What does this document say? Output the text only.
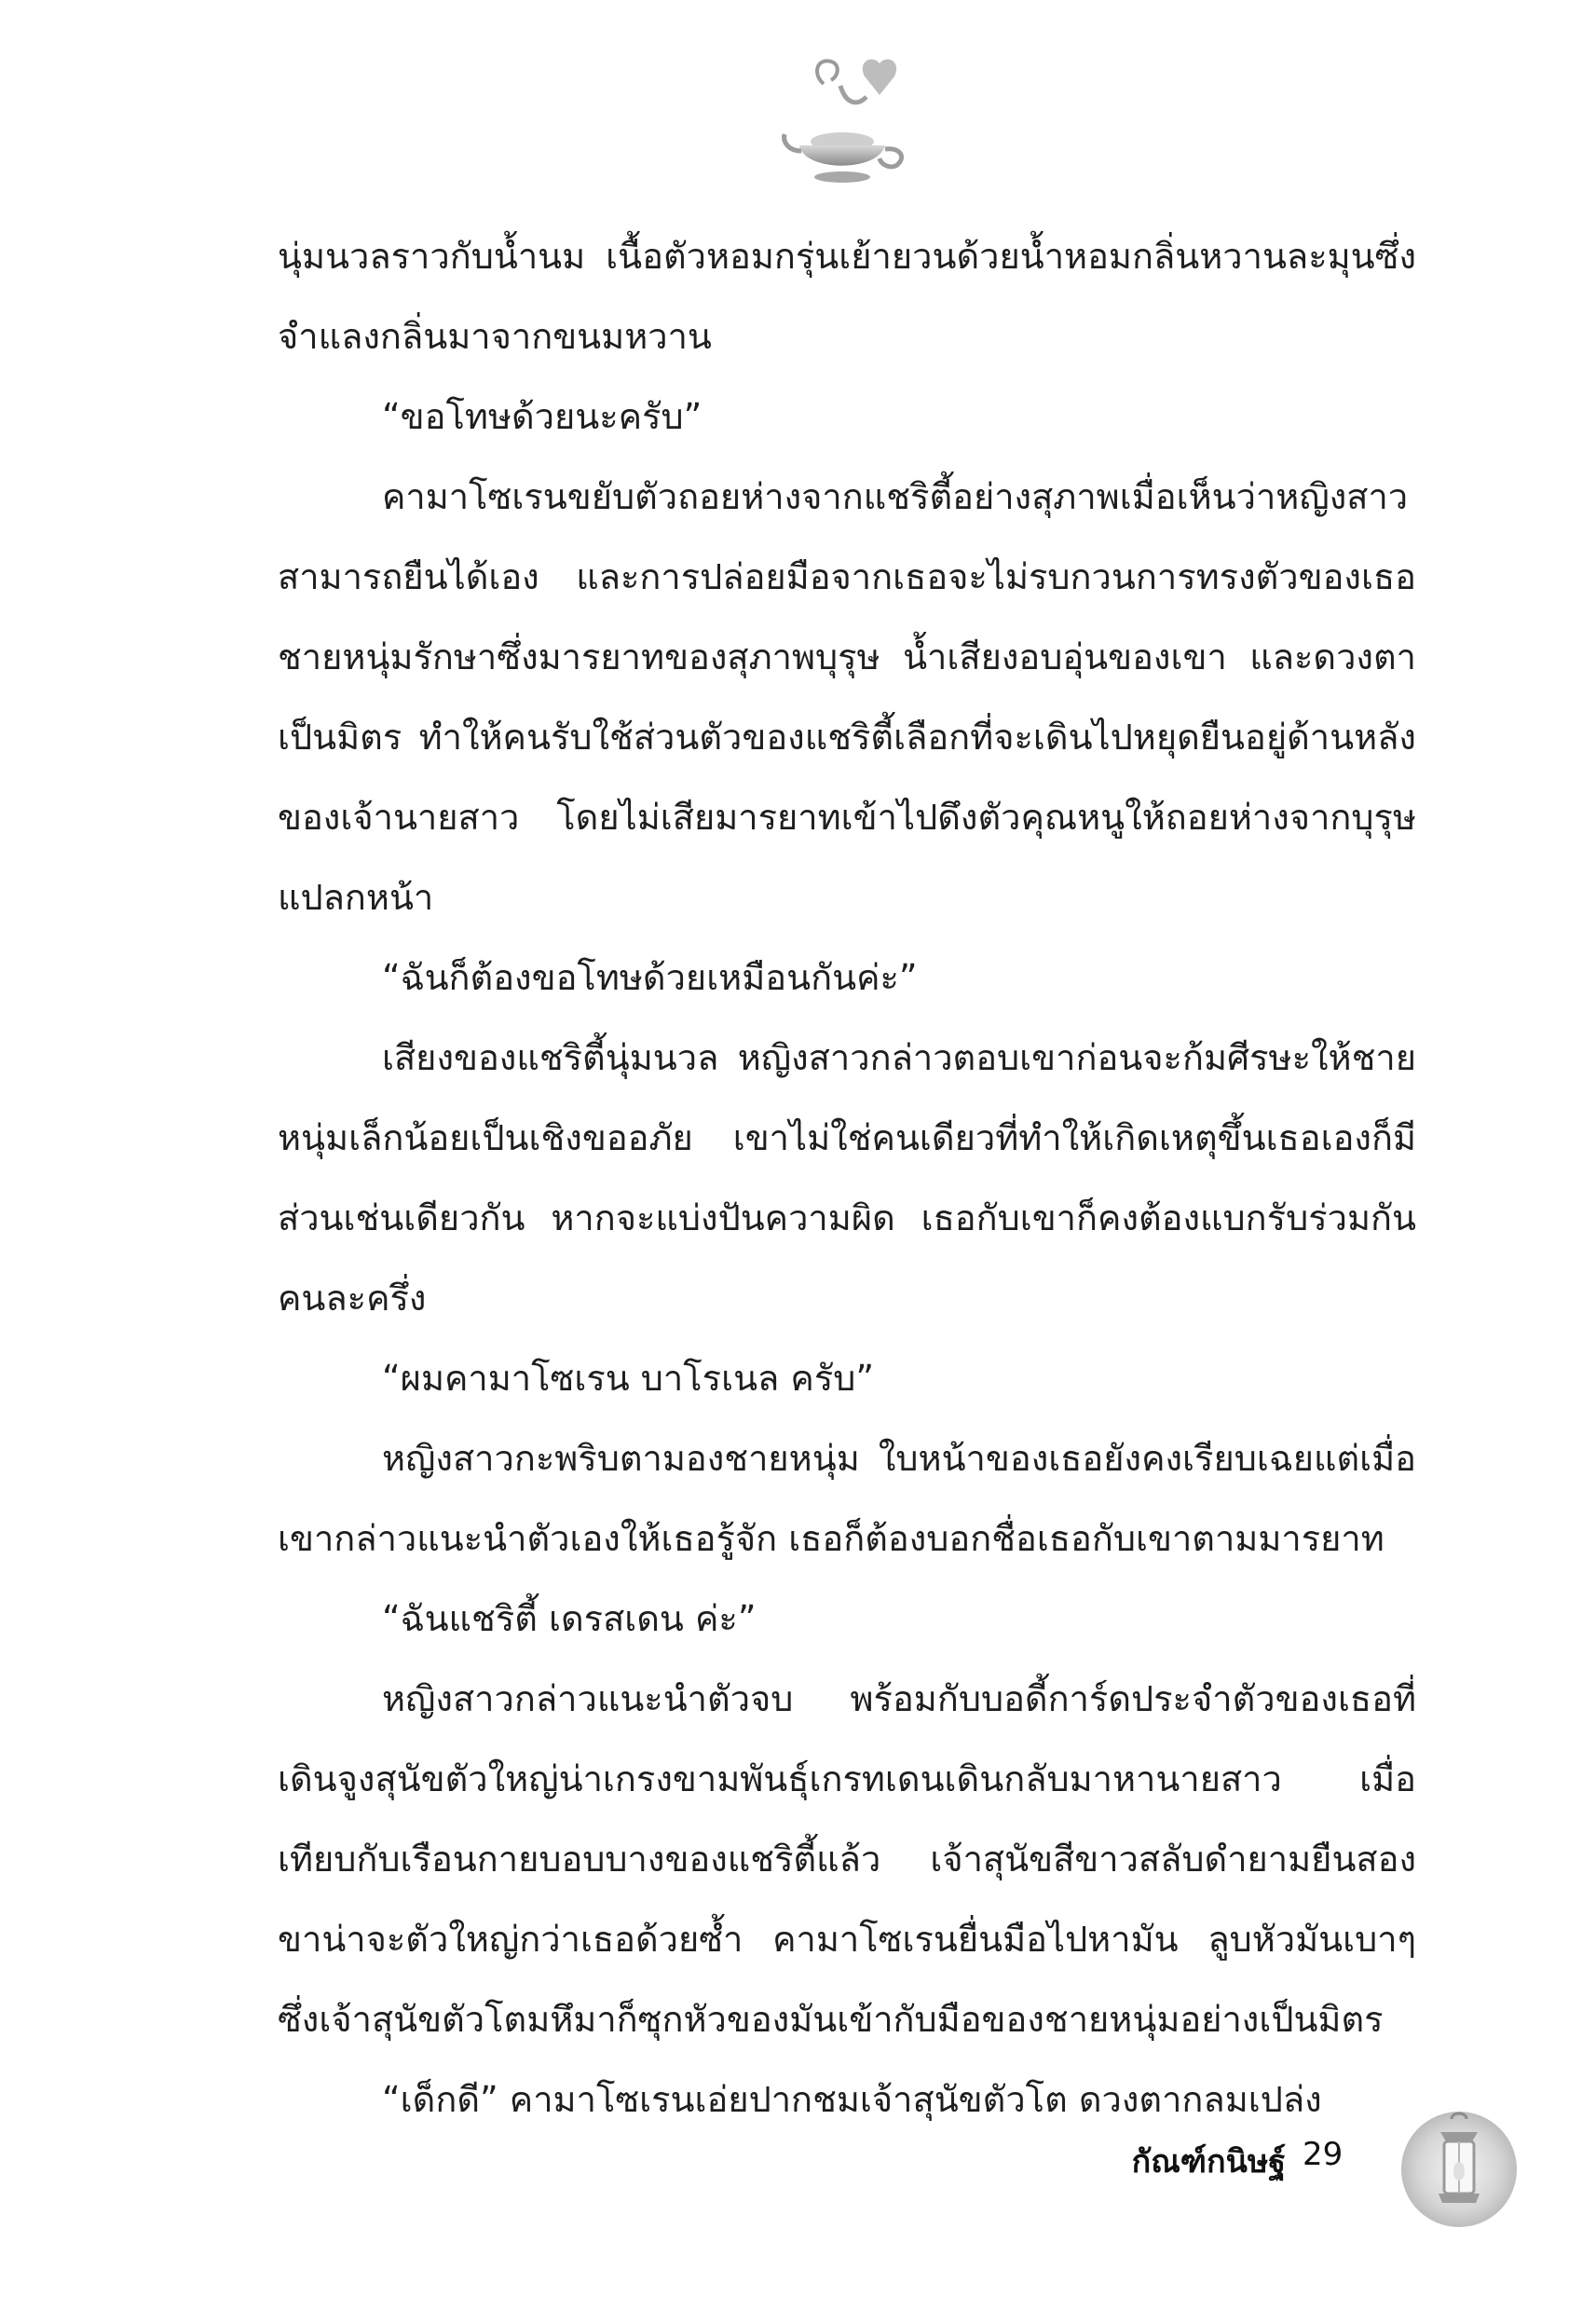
นุ่มนวลราวกับน้ำนม เนื้อตัวหอมกรุ่นเย้ายวนด้วยน้ำหอมกลิ่นหวานละมุนซึ่งจำแลงกลิ่นมาจากขนมหวาน

“ขอโทษด้วยนะครับ”

คามาโซเรนขยับตัวถอยห่างจากแชริตี้อย่างสุภาพเมื่อเห็นว่าหญิงสาวสามารถยืนได้เอง และการปล่อยมือจากเธอจะไม่รบกวนการทรงตัวของเธอ ชายหนุ่มรักษาซึ่งมารยาทของสุภาพบุรุษ น้ำเสียงอบอุ่นของเขา และดวงตาเป็นมิตร ทำให้คนรับใช้ส่วนตัวของแชริตี้เลือกที่จะเดินไปหยุดยืนอยู่ด้านหลังของเจ้านายสาว โดยไม่เสียมารยาทเข้าไปดึงตัวคุณหนูให้ถอยห่างจากบุรุษแปลกหน้า

“ฉันก็ต้องขอโทษด้วยเหมือนกันค่ะ”

เสียงของแชริตี้นุ่มนวล หญิงสาวกล่าวตอบเขาก่อนจะก้มศีรษะให้ชายหนุ่มเล็กน้อยเป็นเชิงขออภัย เขาไม่ใช่คนเดียวที่ทำให้เกิดเหตุขึ้นเธอเองก็มีส่วนเช่นเดียวกัน หากจะแบ่งปันความผิด เธอกับเขาก็คงต้องแบกรับร่วมกันคนละครึ่ง

“ผมคามาโซเรน บาโรเนล ครับ”

หญิงสาวกะพริบตามองชายหนุ่ม ใบหน้าของเธอยังคงเรียบเฉยแต่เมื่อเขากล่าวแนะนำตัวเองให้เธอรู้จัก เธอก็ต้องบอกชื่อเธอกับเขาตามมารยาท

“ฉันแชริตี้ เดรสเดน ค่ะ”

หญิงสาวกล่าวแนะนำตัวจบ พร้อมกับบอดี้การ์ดประจำตัวของเธอที่เดินจูงสุนัขตัวใหญ่น่าเกรงขามพันธุ์เกรทเดนเดินกลับมาหานายสาว เมื่อเทียบกับเรือนกายบอบบางของแชริตี้แล้ว เจ้าสุนัขสีขาวสลับดำยามยืนสองขาน่าจะตัวใหญ่กว่าเธอด้วยซ้ำ คามาโซเรนยื่นมือไปหามัน ลูบหัวมันเบาๆ ซึ่งเจ้าสุนัขตัวโตมหึมาก็ซุกหัวของมันเข้ากับมือของชายหนุ่มอย่างเป็นมิตร

“เด็กดี” คามาโซเรนเอ่ยปากชมเจ้าสุนัขตัวโต ดวงตากลมเปล่ง

กัณฑ์กนิษฐ์ 29
